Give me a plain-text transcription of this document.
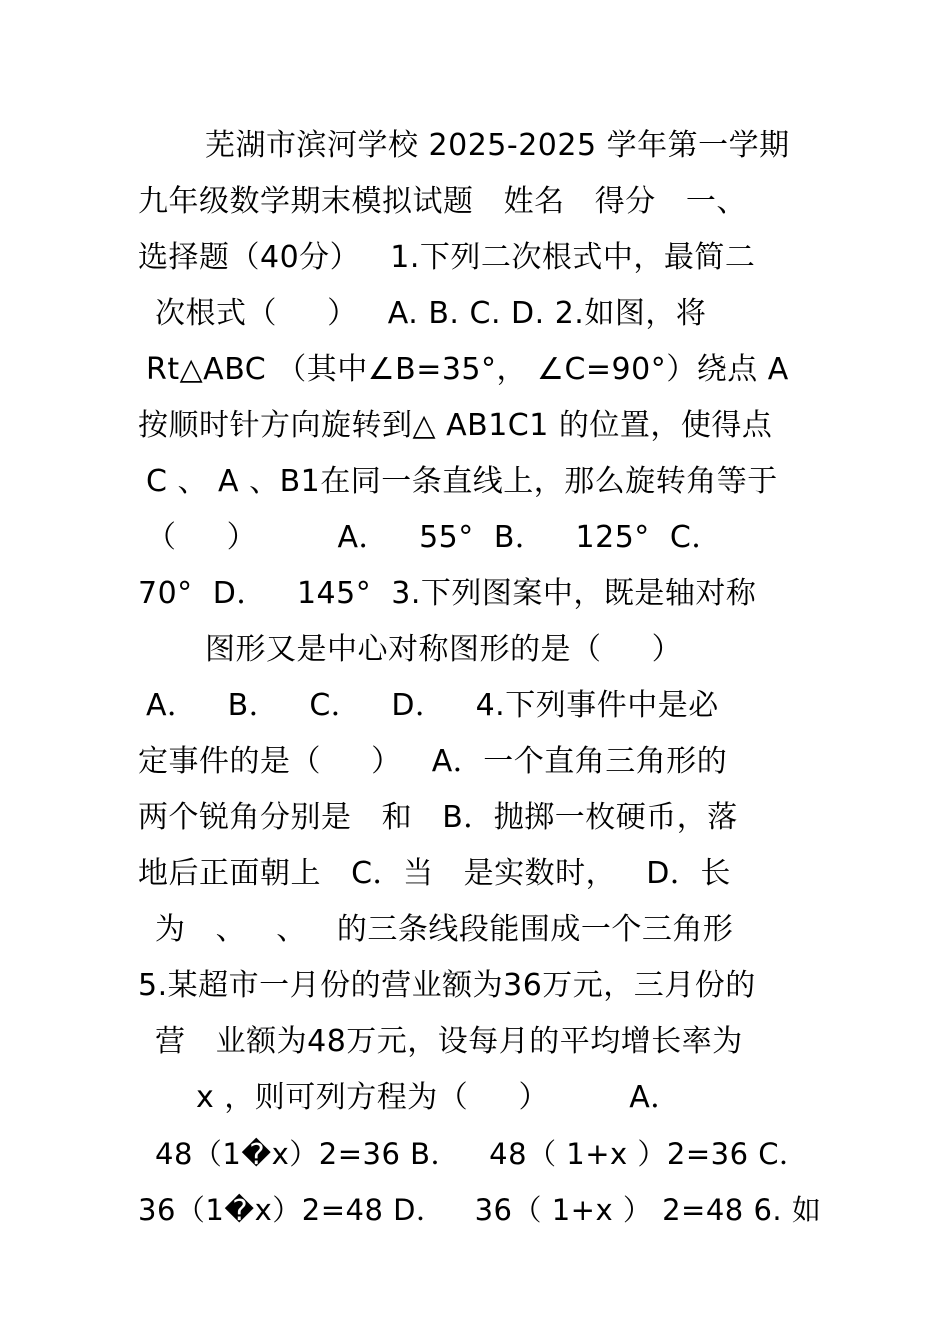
芜湖市滨河学校 2025-2025 学年第一学期
九年级数学期末模拟试题   姓名   得分   一、
选择题（40分）   1.下列二次根式中，最简二
次根式（     ）   A. B. C. D. 2.如图，将
Rt△ABC （其中∠B=35°， ∠C=90°）绕点 A
按顺时针方向旋转到△ AB1C1 的位置，使得点
C 、 A 、B1在同一条直线上，那么旋转角等于
（     ）        A．   55°  B．   125°  C．
70°  D．   145°  3.下列图案中，既是轴对称
图形又是中心对称图形的是（     ）
A．   B．   C．   D．   4.下列事件中是必
定事件的是（     ）   A．一个直角三角形的
两个锐角分别是   和   B．抛掷一枚硬币，落
地后正面朝上   C．当   是实数时，   D．长
为   、   、   的三条线段能围成一个三角形
5.某超市一月份的营业额为36万元，三月份的
营   业额为48万元，设每月的平均增长率为
x ，则可列方程为（     ）        A．
48（1�x）2=36 B．   48（ 1+x ）2=36 C．
36（1�x）2=48 D．   36（ 1+x ） 2=48 6. 如
